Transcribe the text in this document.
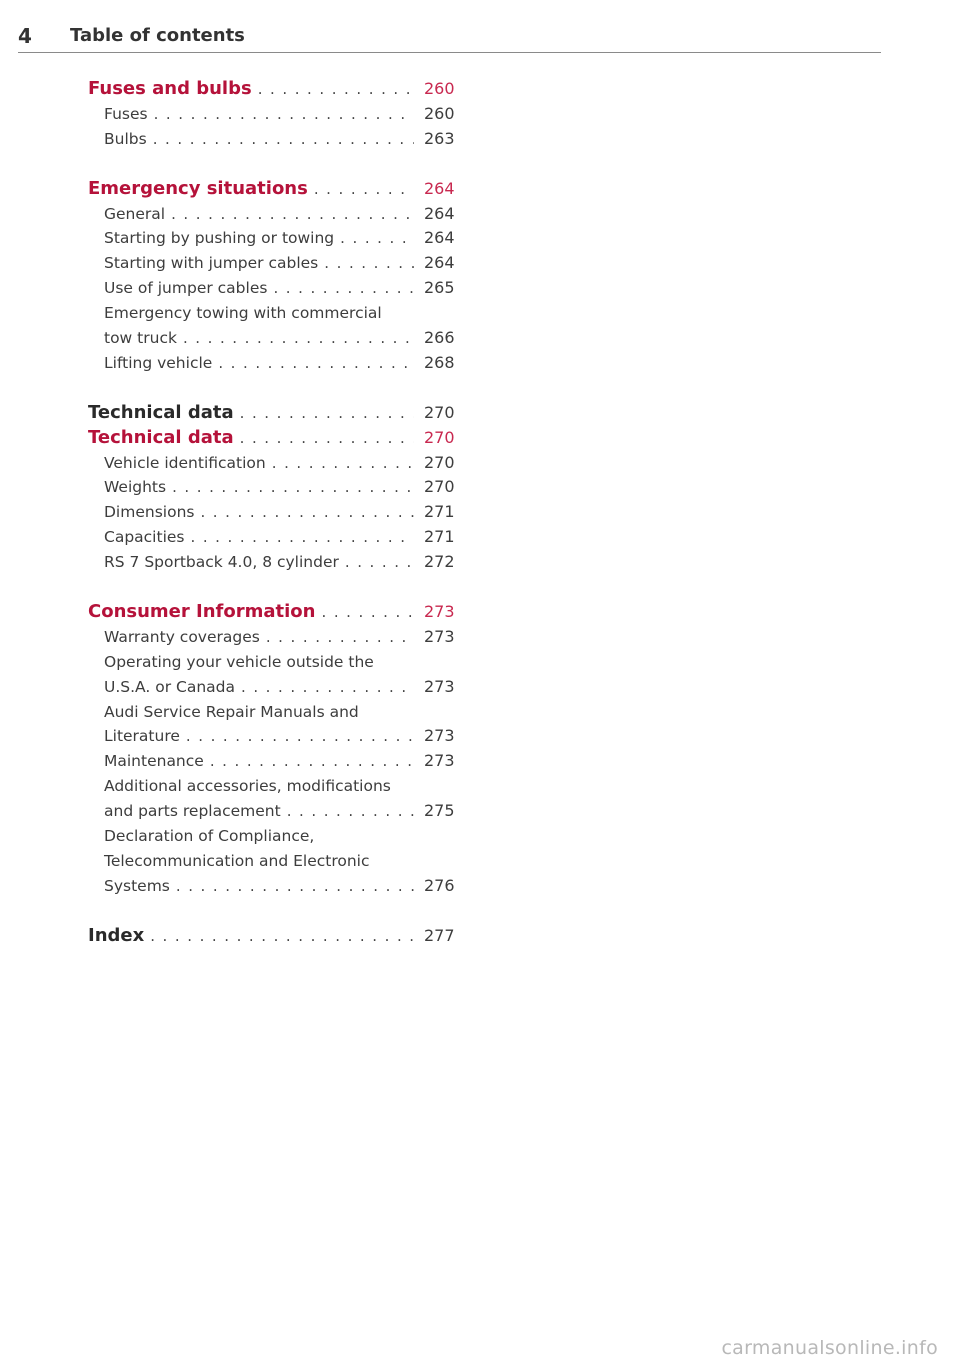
4 Table of contents
Fuses and bulbs . . .	260
Fuses . . .	260
Bulbs . . .	263
Emergency situations . . .	264
General . . .	264
Starting by pushing or towing . . .	264
Starting with jumper cables . . .	264
Use of jumper cables . . .	265
Emergency towing with commercial
tow truck . . .	266
Lifting vehicle . . .	268
Technical data . . .	270
Technical data . . .	270
Vehicle identification . . .	270
Weights . . .	270
Dimensions . . .	271
Capacities . . .	271
RS 7 Sportback 4.0, 8 cylinder . . .	272
Consumer Information . . .	273
Warranty coverages . . .	273
Operating your vehicle outside the
U.S.A. or Canada . . .	273
Audi Service Repair Manuals and
Literature . . .	273
Maintenance . . .	273
Additional accessories, modifications
and parts replacement . . .	275
Declaration of Compliance,
Telecommunication and Electronic
Systems . . .	276
Index . . .	277
carmanualsonline.info
